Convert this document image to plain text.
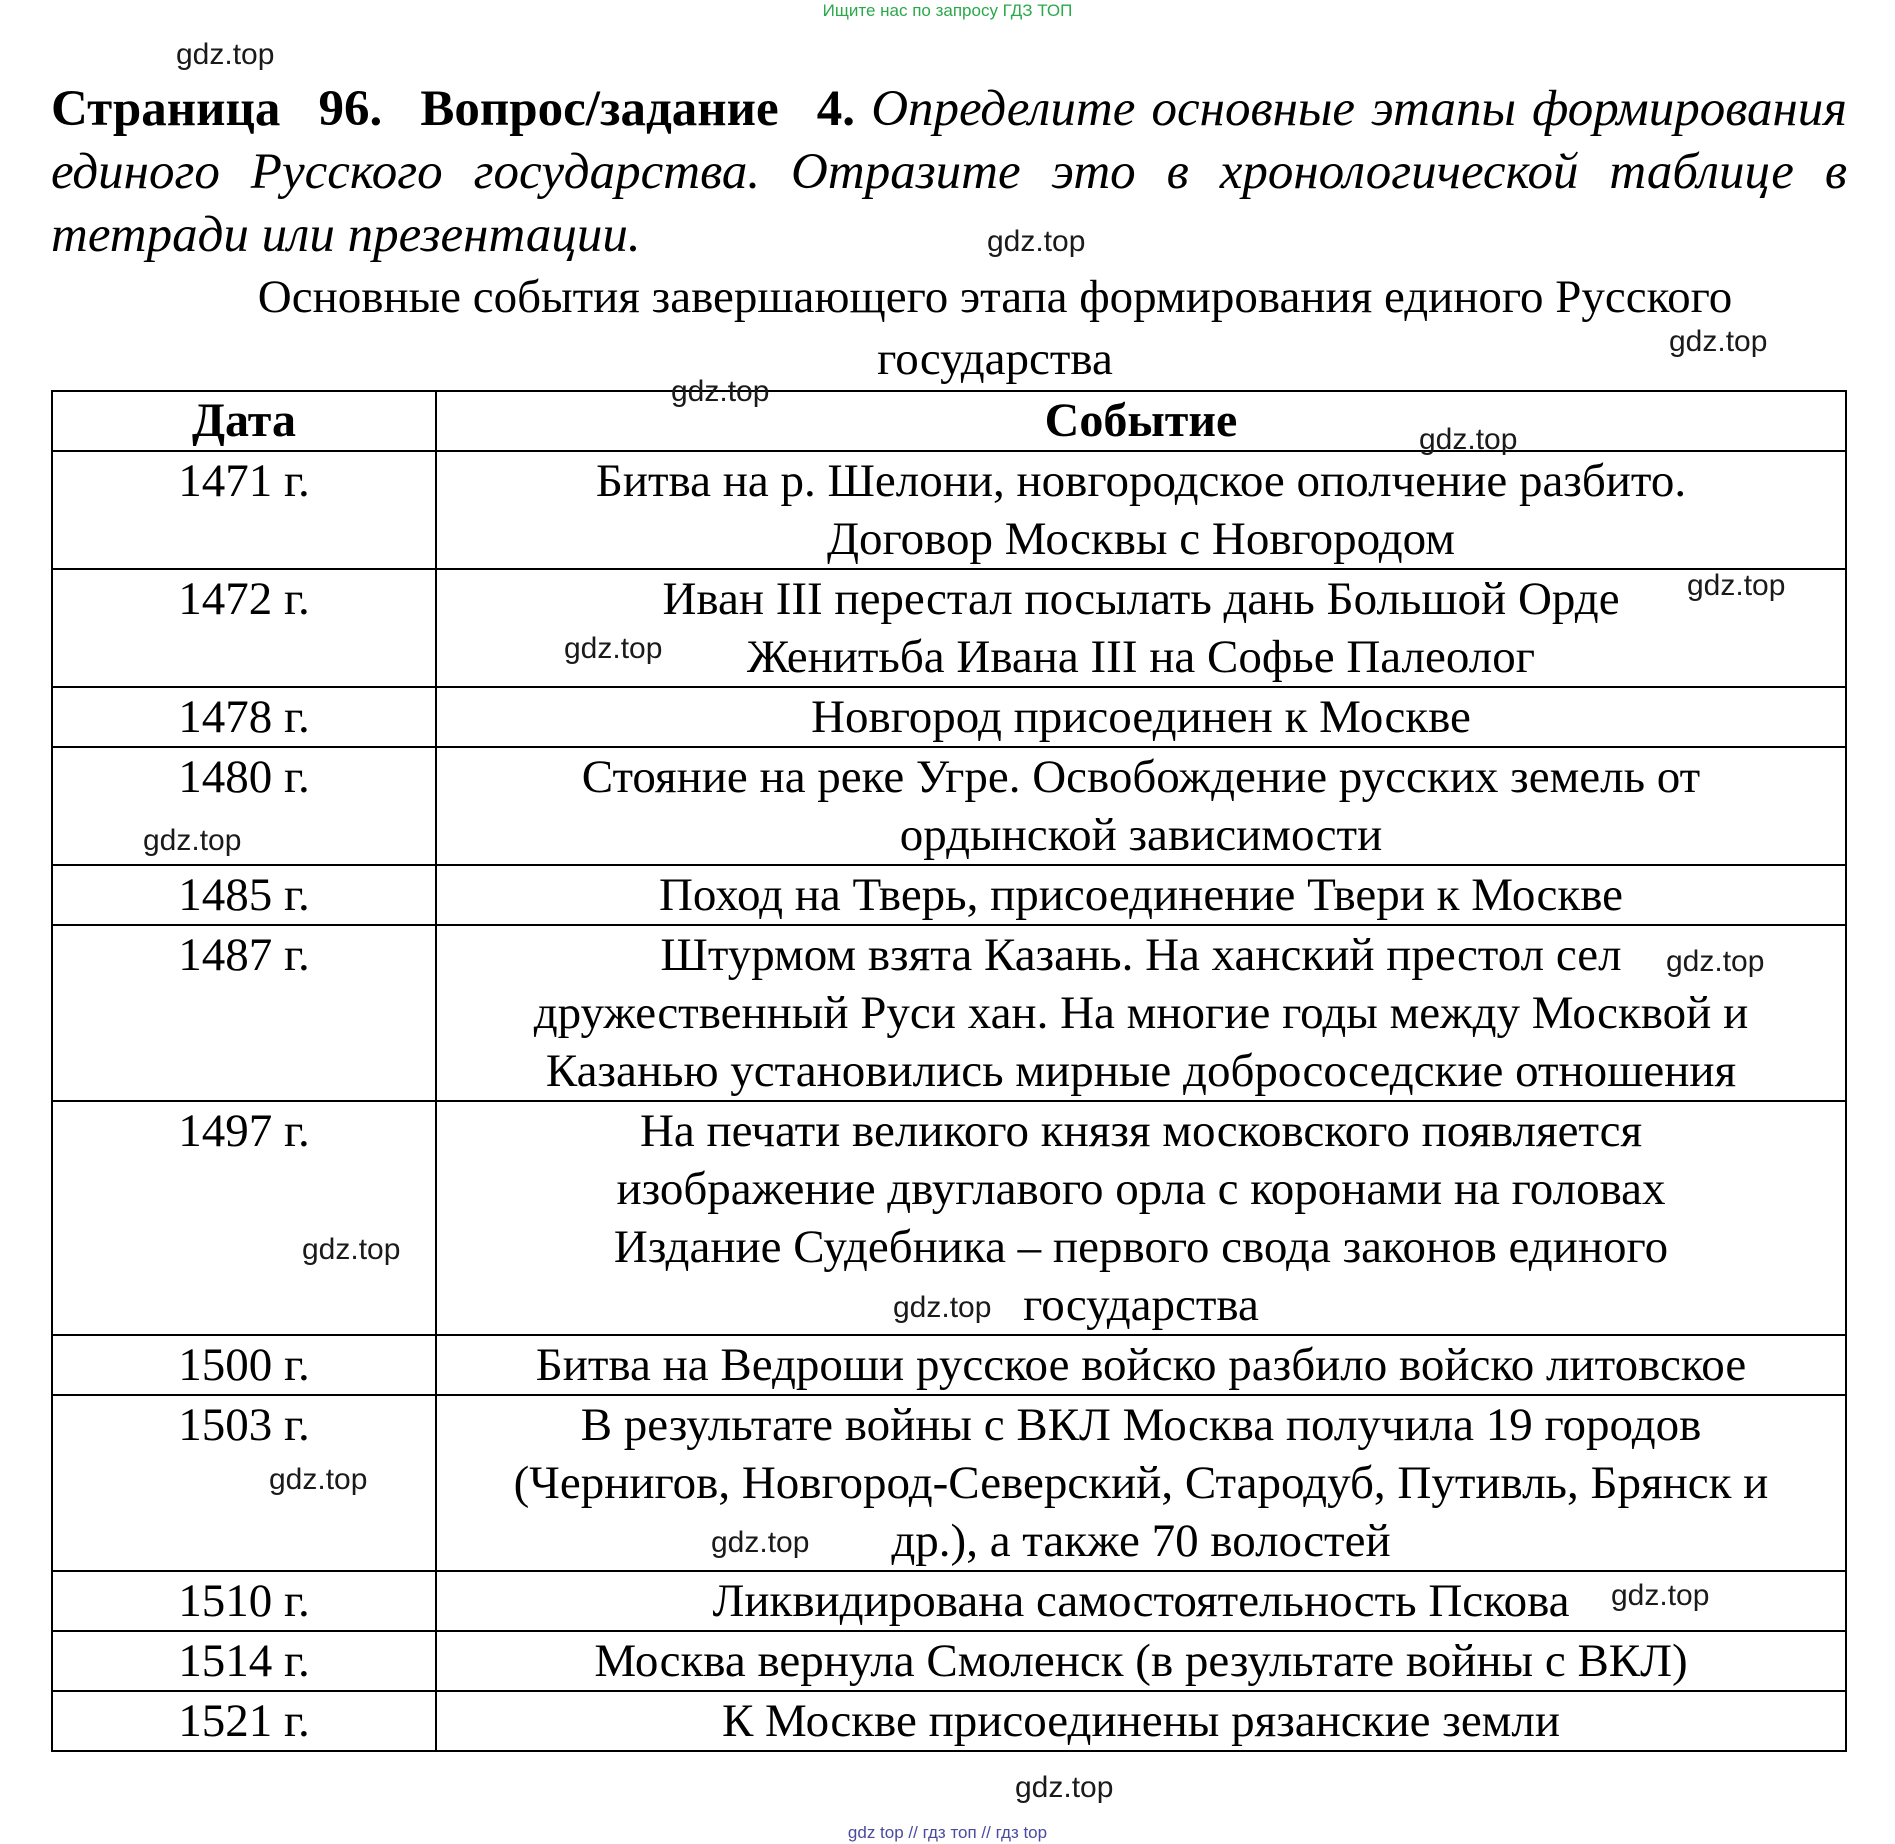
Ищите нас по запросу ГДЗ ТОП
gdz.top
Страница 96. Вопрос/задание 4. Определите основные этапы формирования единого Русского государства. Отразите это в хронологической таблице в тетради или презентации.	gdz.top
Основные события завершающего этапа формирования единого Русского
государства
Дата	Событие
1471 г.	Битва на р. Шелони, новгородское ополчение разбито.
Договор Москвы с Новгородом

1472 г.	Иван III перестал посылать дань Большой Орде
Женитьба Ивана III на Софье Палеолог

1478 г.	Новгород присоединен к Москве

1480 г.	Стояние на реке Угре. Освобождение русских земель от
ордынской зависимости

1485 г.	Поход на Тверь, присоединение Твери к Москве

1487 г.	Штурмом взята Казань. На ханский престол сел
дружественный Руси хан. На многие годы между Москвой и
Казанью установились мирные добрососедские отношения

1497 г.	На печати великого князя московского появляется
изображение двуглавого орла с коронами на головах
Издание Судебника – первого свода законов единого
государства

1500 г.	Битва на Ведроши русское войско разбило войско литовское

1503 г.	В результате войны с ВКЛ Москва получила 19 городов
(Чернигов, Новгород-Северский, Стародуб, Путивль, Брянск и
др.), а также 70 волостей

1510 г.	Ликвидирована самостоятельность Пскова

1514 г.	Москва вернула Смоленск (в результате войны с ВКЛ)

1521 г.	К Москве присоединены рязанские земли
gdz.top
gdz.top
gdz.top
gdz.top
gdz.top
gdz.top
gdz.top
gdz.top
gdz.top
gdz.top
gdz.top
gdz.top
gdz.top
gdz top // гдз топ // гдз top
